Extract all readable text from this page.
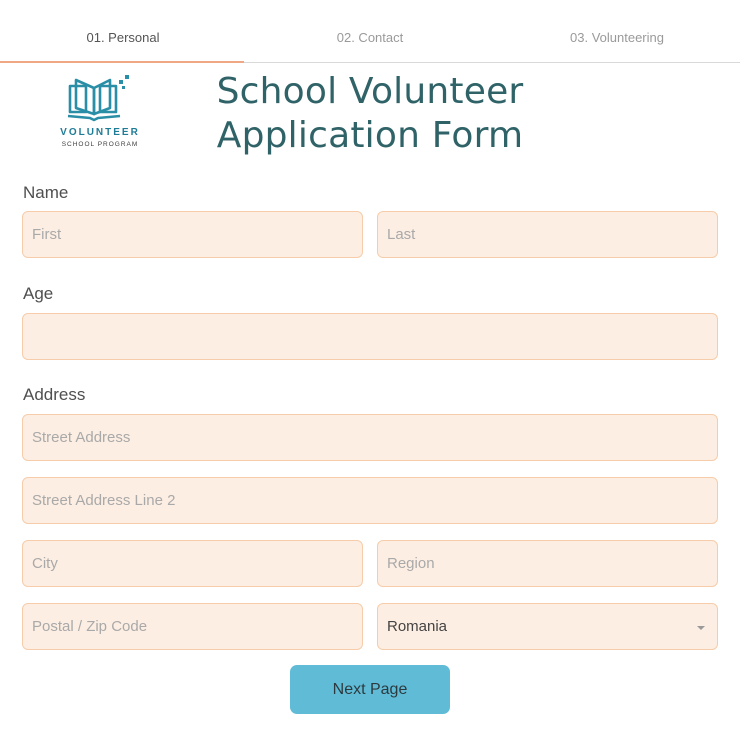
01. Personal	02. Contact	03. Volunteering
VOLUNTEER
SCHOOL PROGRAM
School Volunteer
Application Form
Name
First	Last
Age
Address
Street Address
Street Address Line 2
City	Region
Postal / Zip Code	Romania
Next Page
